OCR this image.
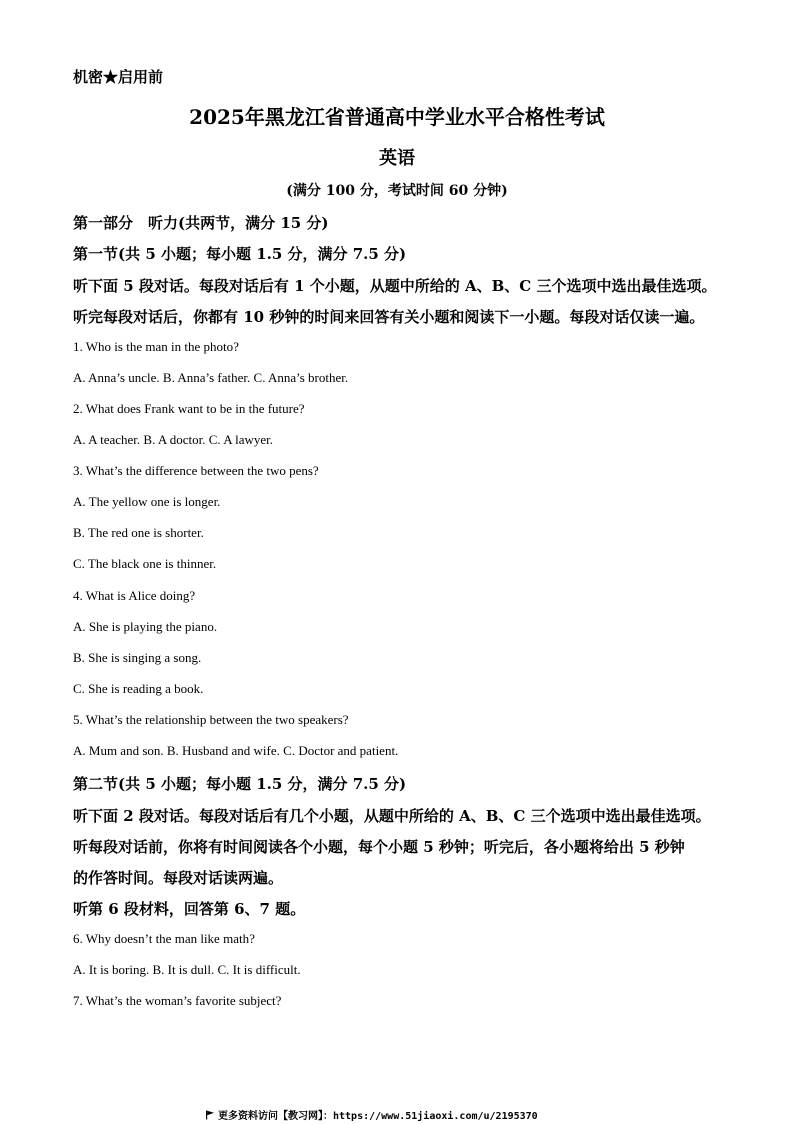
机密★启用前
2025年黑龙江省普通高中学业水平合格性考试
英语
(满分 100 分，考试时间 60 分钟)
第一部分　听力(共两节，满分 15 分)
第一节(共 5 小题；每小题 1.5 分，满分 7.5 分)
听下面 5 段对话。每段对话后有 1 个小题，从题中所给的 A、B、C 三个选项中选出最佳选项。
听完每段对话后，你都有 10 秒钟的时间来回答有关小题和阅读下一小题。每段对话仅读一遍。
1. Who is the man in the photo?
A. Anna’s uncle. B. Anna’s father. C. Anna’s brother.
2. What does Frank want to be in the future?
A. A teacher. B. A doctor. C. A lawyer.
3. What’s the difference between the two pens?
A. The yellow one is longer.
B. The red one is shorter.
C. The black one is thinner.
4. What is Alice doing?
A. She is playing the piano.
B. She is singing a song.
C. She is reading a book.
5. What’s the relationship between the two speakers?
A. Mum and son. B. Husband and wife. C. Doctor and patient.
第二节(共 5 小题；每小题 1.5 分，满分 7.5 分)
听下面 2 段对话。每段对话后有几个小题，从题中所给的 A、B、C 三个选项中选出最佳选项。
听每段对话前，你将有时间阅读各个小题，每个小题 5 秒钟；听完后，各小题将给出 5 秒钟
的作答时间。每段对话读两遍。
听第 6 段材料，回答第 6、7 题。
6. Why doesn’t the man like math?
A. It is boring. B. It is dull. C. It is difficult.
7. What’s the woman’s favorite subject?
更多资料访问【教习网】：https://www.51jiaoxi.com/u/2195370
